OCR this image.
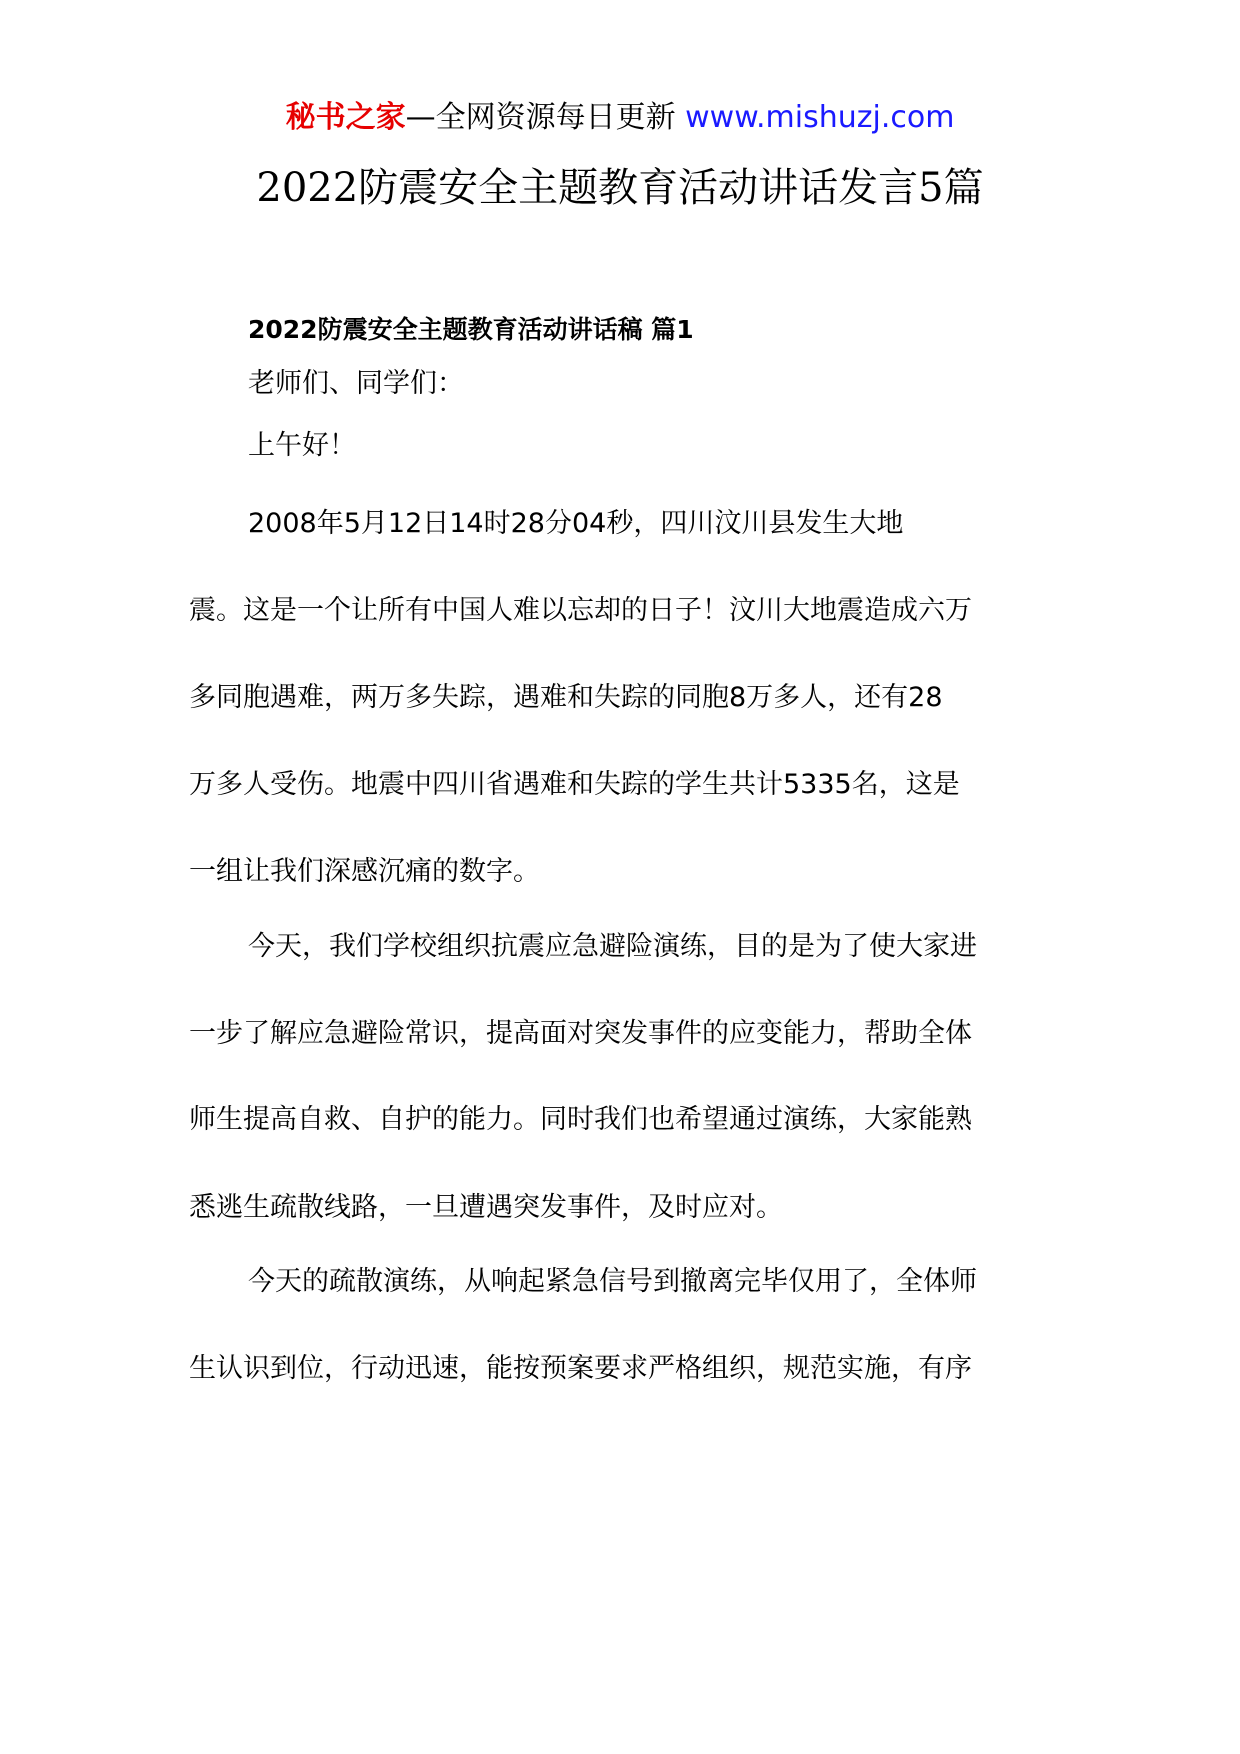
秘书之家—全网资源每日更新 www.mishuzj.com
2022防震安全主题教育活动讲话发言5篇
2022防震安全主题教育活动讲话稿 篇1
老师们、同学们：
上午好！
2008年5月12日14时28分04秒，四川汶川县发生大地
震。这是一个让所有中国人难以忘却的日子！汶川大地震造成六万
多同胞遇难，两万多失踪，遇难和失踪的同胞8万多人，还有28
万多人受伤。地震中四川省遇难和失踪的学生共计5335名，这是
一组让我们深感沉痛的数字。
今天，我们学校组织抗震应急避险演练，目的是为了使大家进
一步了解应急避险常识，提高面对突发事件的应变能力，帮助全体
师生提高自救、自护的能力。同时我们也希望通过演练，大家能熟
悉逃生疏散线路，一旦遭遇突发事件，及时应对。
今天的疏散演练，从响起紧急信号到撤离完毕仅用了，全体师
生认识到位，行动迅速，能按预案要求严格组织，规范实施，有序
